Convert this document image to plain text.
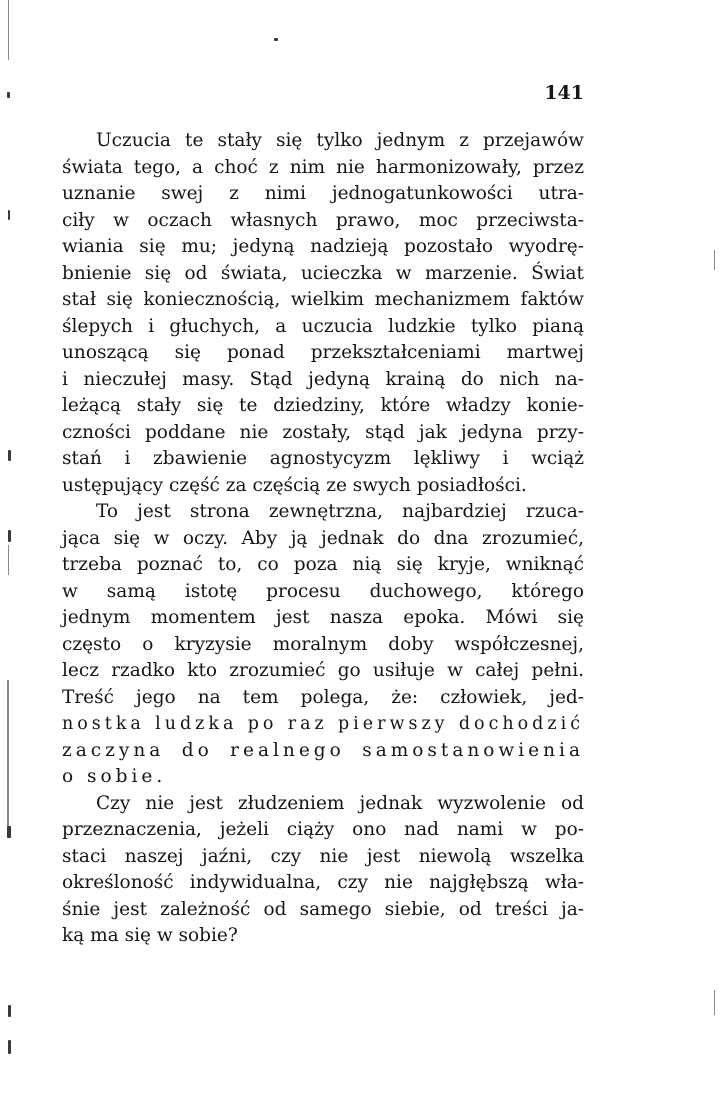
141
Uczucia te stały się tylko jednym z przejawów
świata tego, a choć z nim nie harmonizowały, przez
uznanie swej z nimi jednogatunkowości utra-
ciły w oczach własnych prawo, moc przeciwsta-
wiania się mu; jedyną nadzieją pozostało wyodrę-
bnienie się od świata, ucieczka w marzenie. Świat
stał się koniecznością, wielkim mechanizmem faktów
ślepych i głuchych, a uczucia ludzkie tylko pianą
unoszącą się ponad przekształceniami martwej
i nieczułej masy. Stąd jedyną krainą do nich na-
leżącą stały się te dziedziny, które władzy konie-
czności poddane nie zostały, stąd jak jedyna przy-
stań i zbawienie agnostycyzm lękliwy i wciąż
ustępujący część za częścią ze swych posiadłości.
To jest strona zewnętrzna, najbardziej rzuca-
jąca się w oczy. Aby ją jednak do dna zrozumieć,
trzeba poznać to, co poza nią się kryje, wniknąć
w samą istotę procesu duchowego, którego
jednym momentem jest nasza epoka. Mówi się
często o kryzysie moralnym doby współczesnej,
lecz rzadko kto zrozumieć go usiłuje w całej pełni.
Treść jego na tem polega, że: człowiek, jed-
nostka ludzka po raz pierwszy dochodzić
zaczyna do realnego samostanowienia
o sobie.
Czy nie jest złudzeniem jednak wyzwolenie od
przeznaczenia, jeżeli ciąży ono nad nami w po-
staci naszej jaźni, czy nie jest niewolą wszelka
określoność indywidualna, czy nie najgłębszą wła-
śnie jest zależność od samego siebie, od treści ja-
ką ma się w sobie?
